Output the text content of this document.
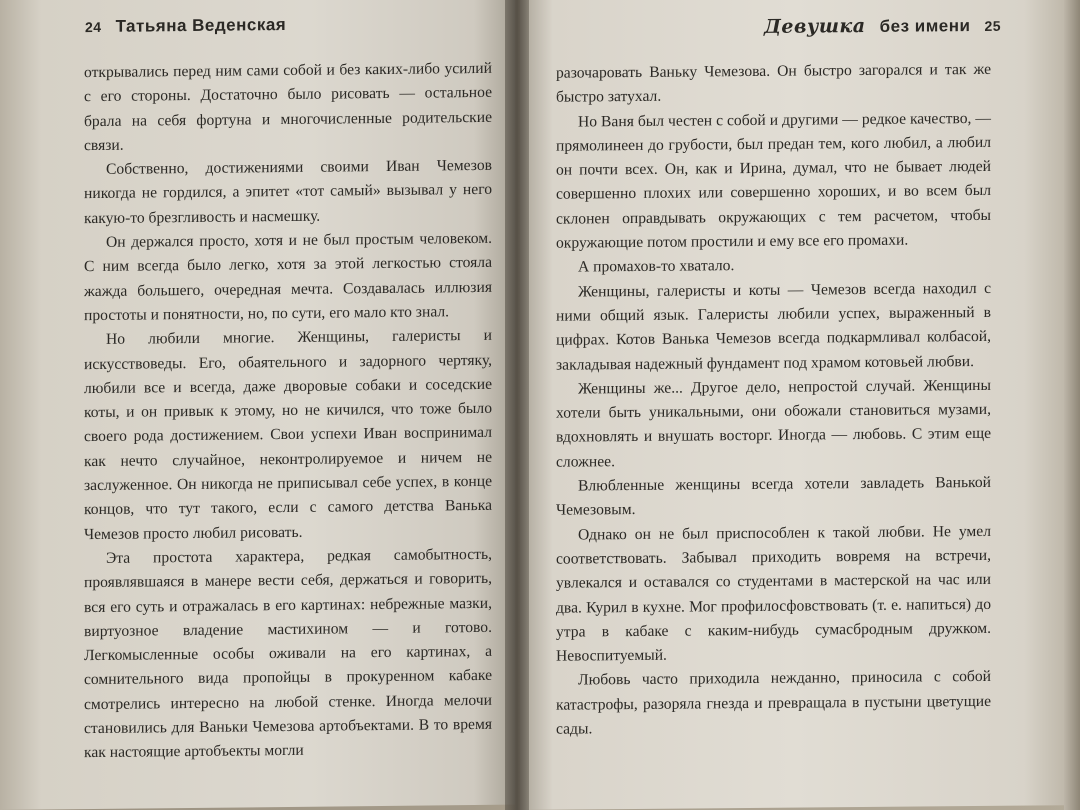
24 Татьяна Веденская

открывались перед ним сами собой и без каких-либо усилий с его стороны. Достаточно было рисовать — остальное брала на себя фортуна и многочисленные родительские связи.

Собственно, достижениями своими Иван Чемезов никогда не гордился, а эпитет «тот самый» вызывал у него какую-то брезгливость и насмешку.

Он держался просто, хотя и не был простым человеком. С ним всегда было легко, хотя за этой легкостью стояла жажда большего, очередная мечта. Создавалась иллюзия простоты и понятности, но, по сути, его мало кто знал.

Но любили многие. Женщины, галеристы и искусствоведы. Его, обаятельного и задорного чертяку, любили все и всегда, даже дворовые собаки и соседские коты, и он привык к этому, но не кичился, что тоже было своего рода достижением. Свои успехи Иван воспринимал как нечто случайное, неконтролируемое и ничем не заслуженное. Он никогда не приписывал себе успех, в конце концов, что тут такого, если с самого детства Ванька Чемезов просто любил рисовать.

Эта простота характера, редкая самобытность, проявлявшаяся в манере вести себя, держаться и говорить, вся его суть и отражалась в его картинах: небрежные мазки, виртуозное владение мастихином — и готово. Легкомысленные особы оживали на его картинах, а сомнительного вида пропойцы в прокуренном кабаке смотрелись интересно на любой стенке. Иногда мелочи становились для Ваньки Чемезова артобъектами. В то время как настоящие артобъекты могли

Девушка без имени 25

разочаровать Ваньку Чемезова. Он быстро загорался и так же быстро затухал.

Но Ваня был честен с собой и другими — редкое качество, — прямолинеен до грубости, был предан тем, кого любил, а любил он почти всех. Он, как и Ирина, думал, что не бывает людей совершенно плохих или совершенно хороших, и во всем был склонен оправдывать окружающих с тем расчетом, чтобы окружающие потом простили и ему все его промахи.

А промахов-то хватало.

Женщины, галеристы и коты — Чемезов всегда находил с ними общий язык. Галеристы любили успех, выраженный в цифрах. Котов Ванька Чемезов всегда подкармливал колбасой, закладывая надежный фундамент под храмом котовьей любви.

Женщины же... Другое дело, непростой случай. Женщины хотели быть уникальными, они обожали становиться музами, вдохновлять и внушать восторг. Иногда — любовь. С этим еще сложнее.

Влюбленные женщины всегда хотели завладеть Ванькой Чемезовым.

Однако он не был приспособлен к такой любви. Не умел соответствовать. Забывал приходить вовремя на встречи, увлекался и оставался со студентами в мастерской на час или два. Курил в кухне. Мог профилосфовствовать (т. е. напиться) до утра в кабаке с каким-нибудь сумасбродным дружком. Невоспитуемый.

Любовь часто приходила нежданно, приносила с собой катастрофы, разоряла гнезда и превращала в пустыни цветущие сады.
